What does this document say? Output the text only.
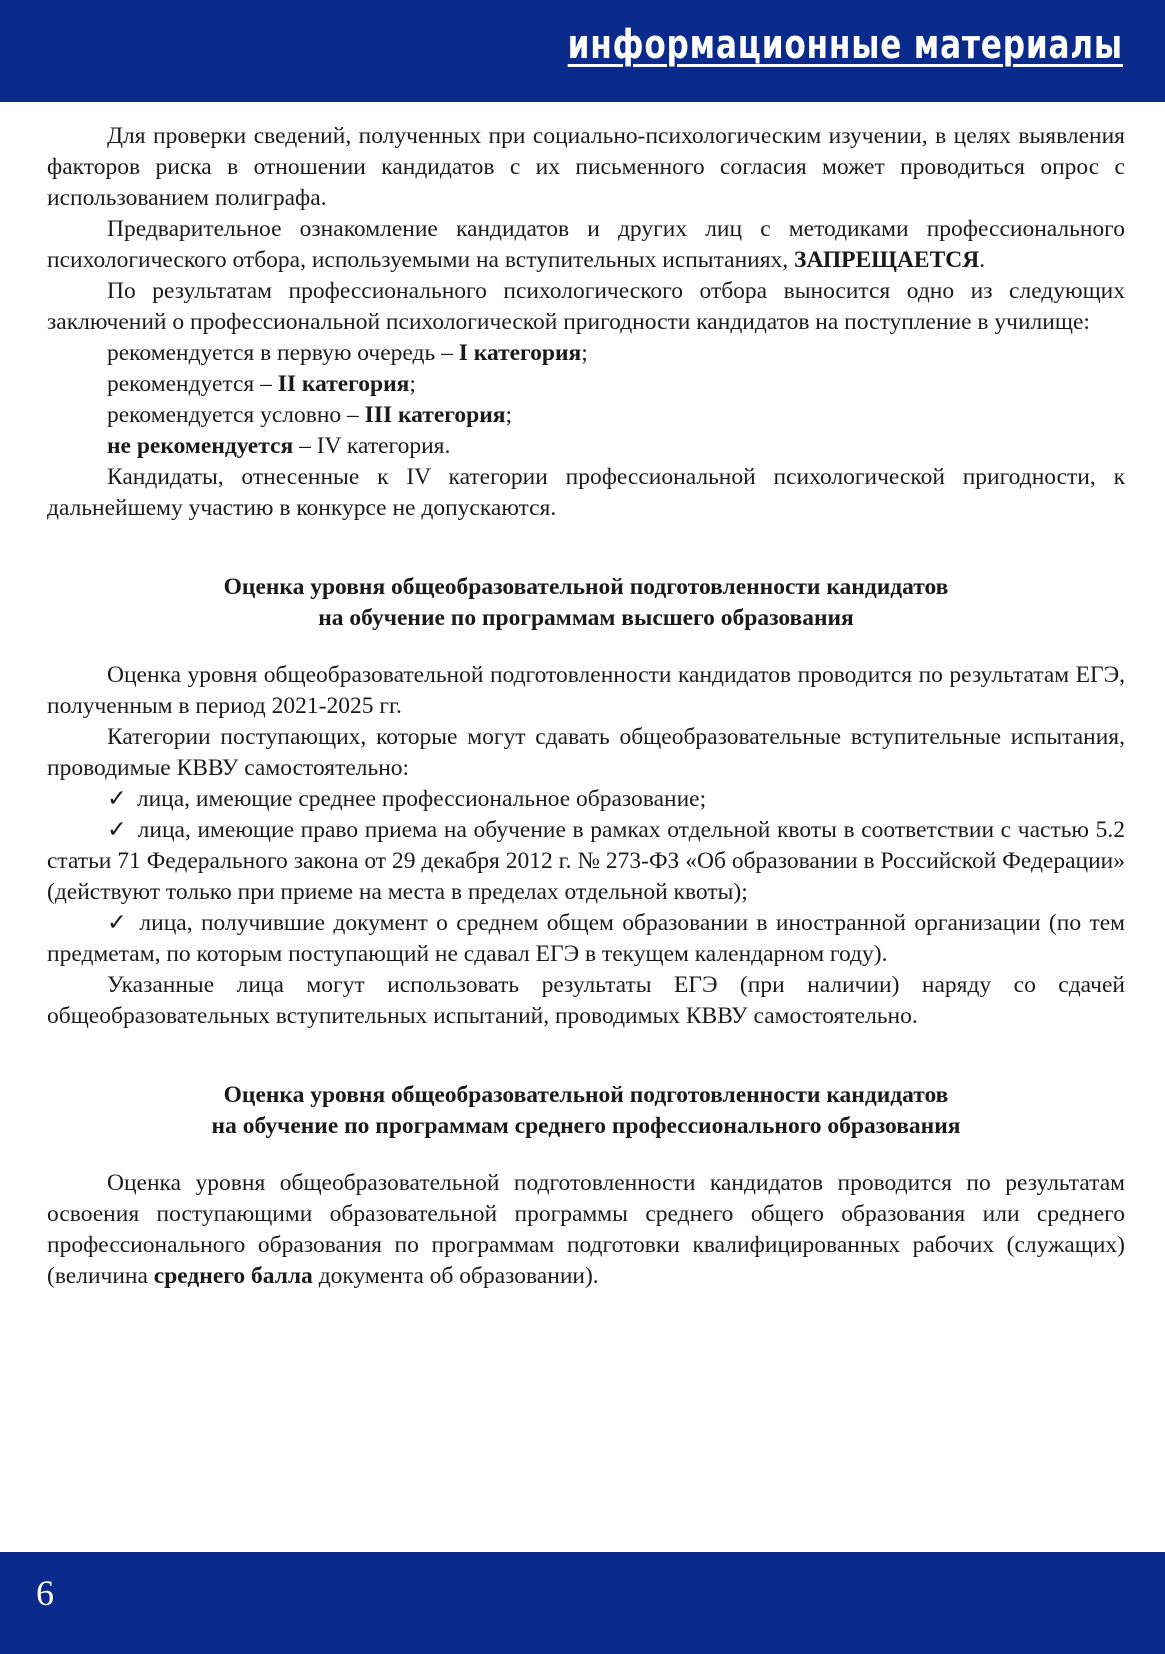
информационные материалы

Для проверки сведений, полученных при социально-психологическим изучении, в целях выявления факторов риска в отношении кандидатов с их письменного согласия может проводиться опрос с использованием полиграфа.

Предварительное ознакомление кандидатов и других лиц с методиками профессионального психологического отбора, используемыми на вступительных испытаниях, ЗАПРЕЩАЕТСЯ.

По результатам профессионального психологического отбора выносится одно из следующих заключений о профессиональной психологической пригодности кандидатов на поступление в училище:

рекомендуется в первую очередь – I категория;

рекомендуется – II категория;

рекомендуется условно – III категория;

не рекомендуется – IV категория.

Кандидаты, отнесенные к IV категории профессиональной психологической пригодности, к дальнейшему участию в конкурсе не допускаются.

Оценка уровня общеобразовательной подготовленности кандидатов
на обучение по программам высшего образования

Оценка уровня общеобразовательной подготовленности кандидатов проводится по результатам ЕГЭ, полученным в период 2021-2025 гг.

Категории поступающих, которые могут сдавать общеобразовательные вступительные испытания, проводимые КВВУ самостоятельно:

✓ лица, имеющие среднее профессиональное образование;

✓ лица, имеющие право приема на обучение в рамках отдельной квоты в соответствии с частью 5.2 статьи 71 Федерального закона от 29 декабря 2012 г. № 273-ФЗ «Об образовании в Российской Федерации» (действуют только при приеме на места в пределах отдельной квоты);

✓ лица, получившие документ о среднем общем образовании в иностранной организации (по тем предметам, по которым поступающий не сдавал ЕГЭ в текущем календарном году).

Указанные лица могут использовать результаты ЕГЭ (при наличии) наряду со сдачей общеобразовательных вступительных испытаний, проводимых КВВУ самостоятельно.

Оценка уровня общеобразовательной подготовленности кандидатов
на обучение по программам среднего профессионального образования

Оценка уровня общеобразовательной подготовленности кандидатов проводится по результатам освоения поступающими образовательной программы среднего общего образования или среднего профессионального образования по программам подготовки квалифицированных рабочих (служащих) (величина среднего балла документа об образовании).

6
